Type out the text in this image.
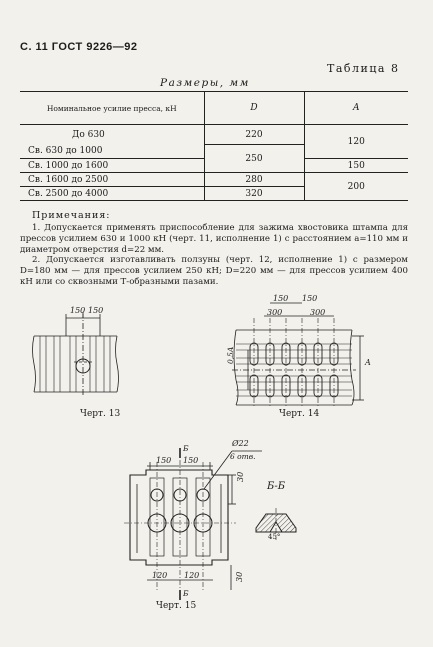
С. 11 ГОСТ 9226—92
Таблица 8
Размеры, мм
Номинальное усилие пресса, кН	D	A
До 630	220	120
Св. 630 до 1000	250	
Св. 1000 до 1600		150
Св. 1600 до 2500	280	200
Св. 2500 до 4000	320	
Примечания:
1. Допускается применять приспособление для зажима хвостовика штампа для прессов усилием 630 и 1000 кН (черт. 11, исполнение 1) с расстоянием a=110 мм и диаметром отверстия d=22 мм.
2. Допускается изготавливать ползуны (черт. 12, исполнение 1) с размером D=180 мм — для прессов усилием 250 кН; D=220 мм — для прессов усилием 400 кН или со сквозными Т-образными пазами.
Черт. 13
150 150
Черт. 14
150 150
300	300
0,5A	A
Черт. 15
Ø22
6 отв.
150 150
30
30
120 120
Б
Б
Б-Б
45°
